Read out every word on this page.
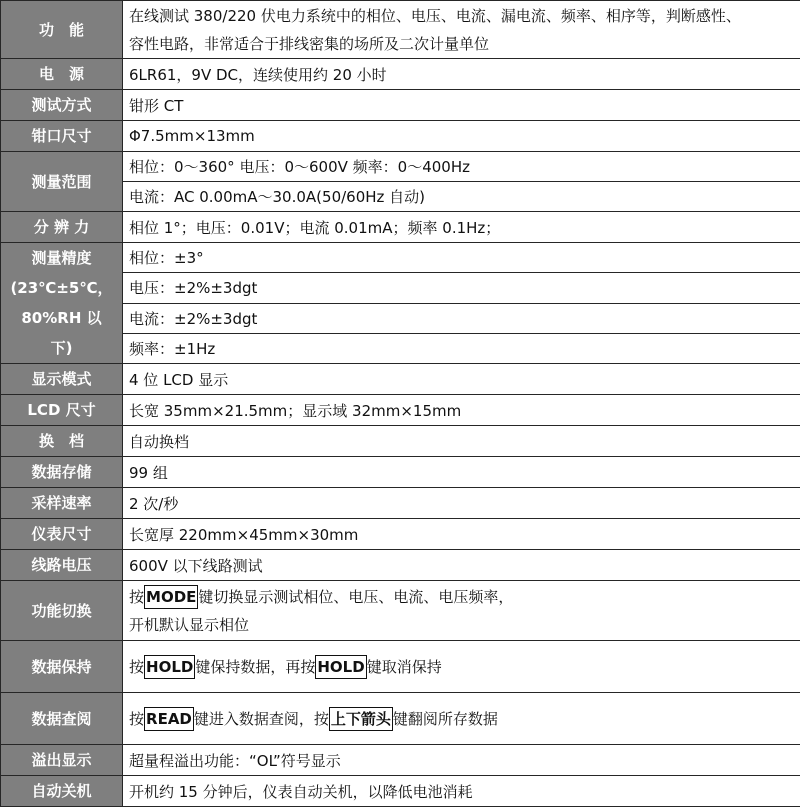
功　能	在线测试 380/220 伏电力系统中的相位、电压、电流、漏电流、频率、相序等，判断感性、
容性电路，非常适合于排线密集的场所及二次计量单位

电　源	6LR61，9V DC，连续使用约 20 小时
测试方式	钳形 CT
钳口尺寸	Φ7.5mm×13mm
测量范围	相位：0～360° 电压：0～600V 频率：0～400Hz
	电流：AC 0.00mA～30.0A(50/60Hz 自动)
分 辨 力	相位 1°；电压：0.01V；电流 0.01mA；频率 0.1Hz；
测量精度
(23℃±5℃，
80%RH 以
下)	相位：±3°
	电压：±2%±3dgt
	电流：±2%±3dgt
	频率：±1Hz
显示模式	4 位 LCD 显示
LCD 尺寸	长宽 35mm×21.5mm；显示域 32mm×15mm
换　档	自动换档
数据存储	99 组
采样速率	2 次/秒
仪表尺寸	长宽厚 220mm×45mm×30mm
线路电压	600V 以下线路测试
功能切换	按 MODE 键切换显示测试相位、电压、电流、电压频率，
开机默认显示相位

数据保持	按 HOLD 键保持数据，再按 HOLD 键取消保持
数据查阅	按 READ 键进入数据查阅，按 上下箭头 键翻阅所存数据
溢出显示	超量程溢出功能：“OL”符号显示
自动关机	开机约 15 分钟后，仪表自动关机，以降低电池消耗
